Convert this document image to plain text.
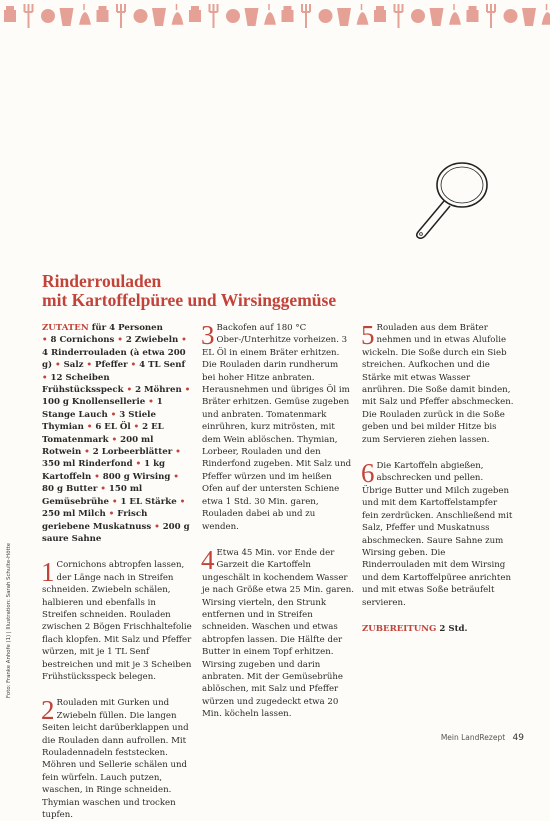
Rinderrouladen
mit Kartoffelpüree und Wirsinggemüse
ZUTATEN für 4 Personen
• 8 Cornichons • 2 Zwiebeln • 4 Rinderrouladen (à etwa 200 g) • Salz • Pfeffer • 4 TL Senf • 12 Scheiben Frühstücksspeck • 2 Möhren • 100 g Knollensellerie • 1 Stange Lauch • 3 Stiele Thymian • 6 EL Öl • 2 EL Tomatenmark • 200 ml Rotwein • 2 Lorbeerblätter • 350 ml Rinderfond • 1 kg Kartoffeln • 800 g Wirsing • 80 g Butter • 150 ml Gemüsebrühe • 1 EL Stärke • 250 ml Milch • Frisch geriebene Muskatnuss • 200 g saure Sahne
1 Cornichons abtropfen lassen, der Länge nach in Streifen schneiden. Zwiebeln schälen, halbieren und ebenfalls in Streifen schneiden. Rouladen zwischen 2 Bögen Frischhaltefolie flach klopfen. Mit Salz und Pfeffer würzen, mit je 1 TL Senf bestreichen und mit je 3 Scheiben Frühstücksspeck belegen.

2 Rouladen mit Gurken und Zwiebeln füllen. Die langen Seiten leicht darüberklappen und die Rouladen dann aufrollen. Mit Rouladennadeln feststecken. Möhren und Sellerie schälen und fein würfeln. Lauch putzen, waschen, in Ringe schneiden. Thymian waschen und trocken tupfen.

3 Backofen auf 180 °C Ober-/Unterhitze vorheizen. 3 EL Öl in einem Bräter erhitzen. Die Rouladen darin rundherum bei hoher Hitze anbraten. Herausnehmen und übriges Öl im Bräter erhitzen. Gemüse zugeben und anbraten. Tomatenmark einrühren, kurz mitrösten, mit dem Wein ablöschen. Thymian, Lorbeer, Rouladen und den Rinderfond zugeben. Mit Salz und Pfeffer würzen und im heißen Ofen auf der untersten Schiene etwa 1 Std. 30 Min. garen, Rouladen dabei ab und zu wenden.

4 Etwa 45 Min. vor Ende der Garzeit die Kartoffeln ungeschält in kochendem Wasser je nach Größe etwa 25 Min. garen. Wirsing vierteln, den Strunk entfernen und in Streifen schneiden. Waschen und etwas abtropfen lassen. Die Hälfte der Butter in einem Topf erhitzen. Wirsing zugeben und darin anbraten. Mit der Gemüsebrühe ablöschen, mit Salz und Pfeffer würzen und zugedeckt etwa 20 Min. köcheln lassen.

5 Rouladen aus dem Bräter nehmen und in etwas Alufolie wickeln. Die Soße durch ein Sieb streichen. Aufkochen und die Stärke mit etwas Wasser anrühren. Die Soße damit binden, mit Salz und Pfeffer abschmecken. Die Rouladen zurück in die Soße geben und bei milder Hitze bis zum Servieren ziehen lassen.

6 Die Kartoffeln abgießen, abschrecken und pellen. Übrige Butter und Milch zugeben und mit dem Kartoffelstampfer fein zerdrücken. Anschließend mit Salz, Pfeffer und Muskatnuss abschmecken. Saure Sahne zum Wirsing geben. Die Rinderrouladen mit dem Wirsing und dem Kartoffelpüree anrichten und mit etwas Soße beträufelt servieren.

ZUBEREITUNG 2 Std.
Foto: Franke Anhofe (1) | Illustration: Sarah Schulte-Hötte
Mein LandRezept 49
